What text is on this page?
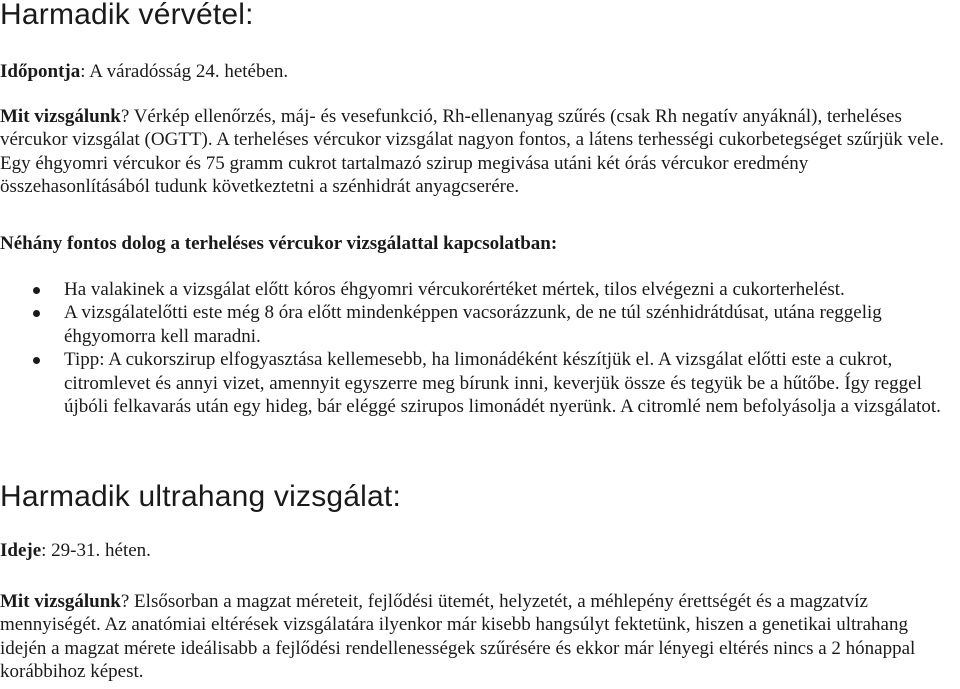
Harmadik vérvétel:

Időpontja: A váradósság 24. hetében.

Mit vizsgálunk? Vérkép ellenőrzés, máj- és vesefunkció, Rh-ellenanyag szűrés (csak Rh negatív anyáknál), terheléses vércukor vizsgálat (OGTT). A terheléses vércukor vizsgálat nagyon fontos, a látens terhességi cukorbetegséget szűrjük vele. Egy éhgyomri vércukor és 75 gramm cukrot tartalmazó szirup megivása utáni két órás vércukor eredmény összehasonlításából tudunk következtetni a szénhidrát anyagcserére.

Néhány fontos dolog a terheléses vércukor vizsgálattal kapcsolatban:

Ha valakinek a vizsgálat előtt kóros éhgyomri vércukorértéket mértek, tilos elvégezni a cukorterhelést.
A vizsgálatelőtti este még 8 óra előtt mindenképpen vacsorázzunk, de ne túl szénhidrátdúsat, utána reggelig éhgyomorra kell maradni.
Tipp: A cukorszirup elfogyasztása kellemesebb, ha limonádéként készítjük el. A vizsgálat előtti este a cukrot, citromlevet és annyi vizet, amennyit egyszerre meg bírunk inni, keverjük össze és tegyük be a hűtőbe. Így reggel újbóli felkavarás után egy hideg, bár eléggé szirupos limonádét nyerünk. A citromlé nem befolyásolja a vizsgálatot.
Harmadik ultrahang vizsgálat:

Ideje: 29-31. héten.

Mit vizsgálunk? Elsősorban a magzat méreteit, fejlődési ütemét, helyzetét, a méhlepény érettségét és a magzatvíz mennyiségét. Az anatómiai eltérések vizsgálatára ilyenkor már kisebb hangsúlyt fektetünk, hiszen a genetikai ultrahang idején a magzat mérete ideálisabb a fejlődési rendellenességek szűrésére és ekkor már lényegi eltérés nincs a 2 hónappal korábbihoz képest.
